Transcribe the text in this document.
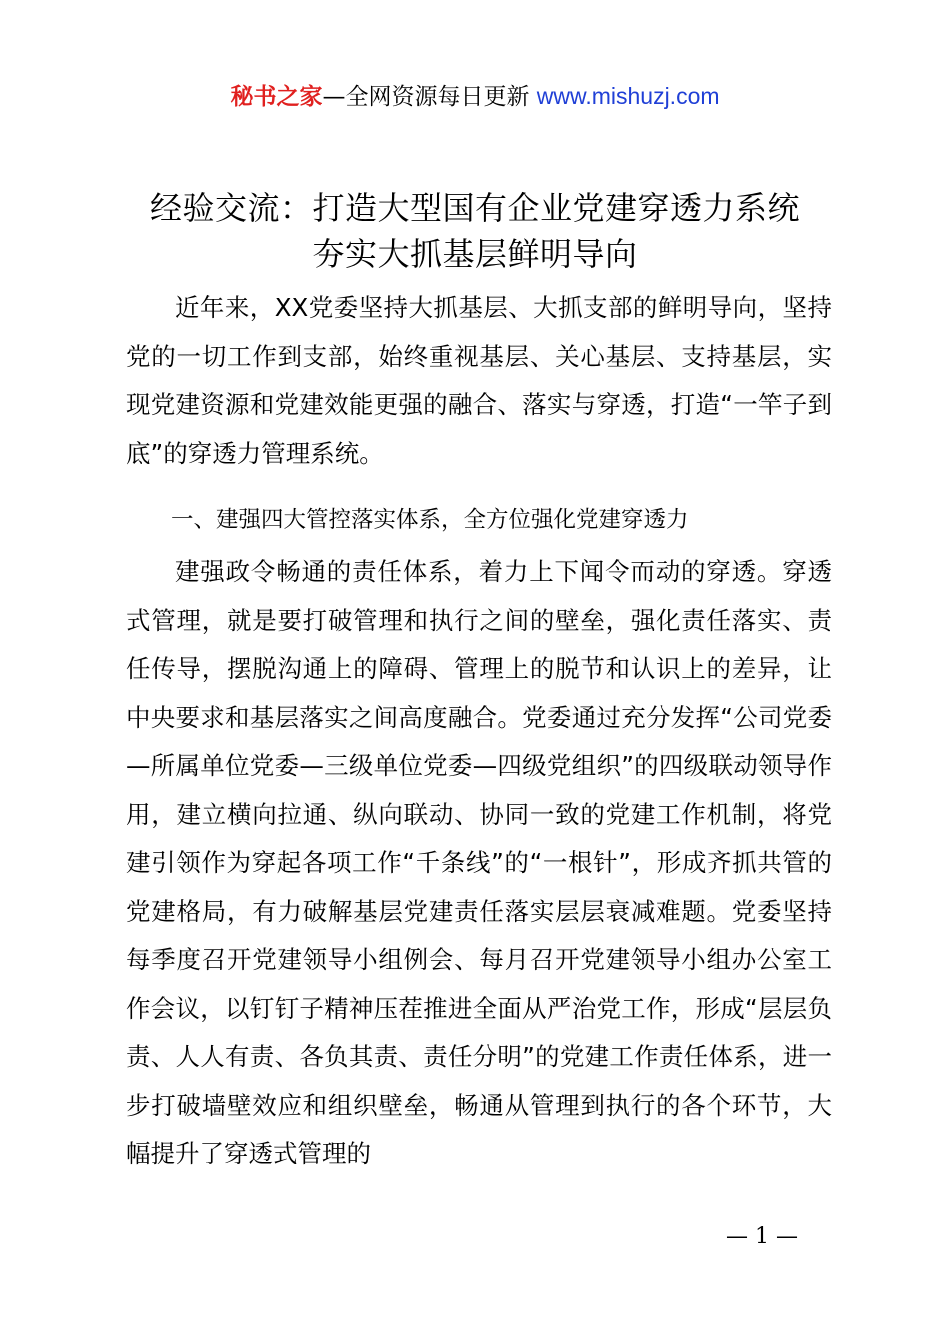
秘书之家—全网资源每日更新 www.mishuzj.com
经验交流：打造大型国有企业党建穿透力系统
夯实大抓基层鲜明导向

近年来，XX党委坚持大抓基层、大抓支部的鲜明导向，坚持党的一切工作到支部，始终重视基层、关心基层、支持基层，实现党建资源和党建效能更强的融合、落实与穿透，打造“一竿子到底”的穿透力管理系统。

一、建强四大管控落实体系，全方位强化党建穿透力

建强政令畅通的责任体系，着力上下闻令而动的穿透。穿透式管理，就是要打破管理和执行之间的壁垒，强化责任落实、责任传导，摆脱沟通上的障碍、管理上的脱节和认识上的差异，让中央要求和基层落实之间高度融合。党委通过充分发挥“公司党委—所属单位党委—三级单位党委—四级党组织”的四级联动领导作用，建立横向拉通、纵向联动、协同一致的党建工作机制，将党建引领作为穿起各项工作“千条线”的“一根针”，形成齐抓共管的党建格局，有力破解基层党建责任落实层层衰减难题。党委坚持每季度召开党建领导小组例会、每月召开党建领导小组办公室工作会议，以钉钉子精神压茬推进全面从严治党工作，形成“层层负责、人人有责、各负其责、责任分明”的党建工作责任体系，进一步打破墙壁效应和组织壁垒，畅通从管理到执行的各个环节，大幅提升了穿透式管理的

— 1 —
